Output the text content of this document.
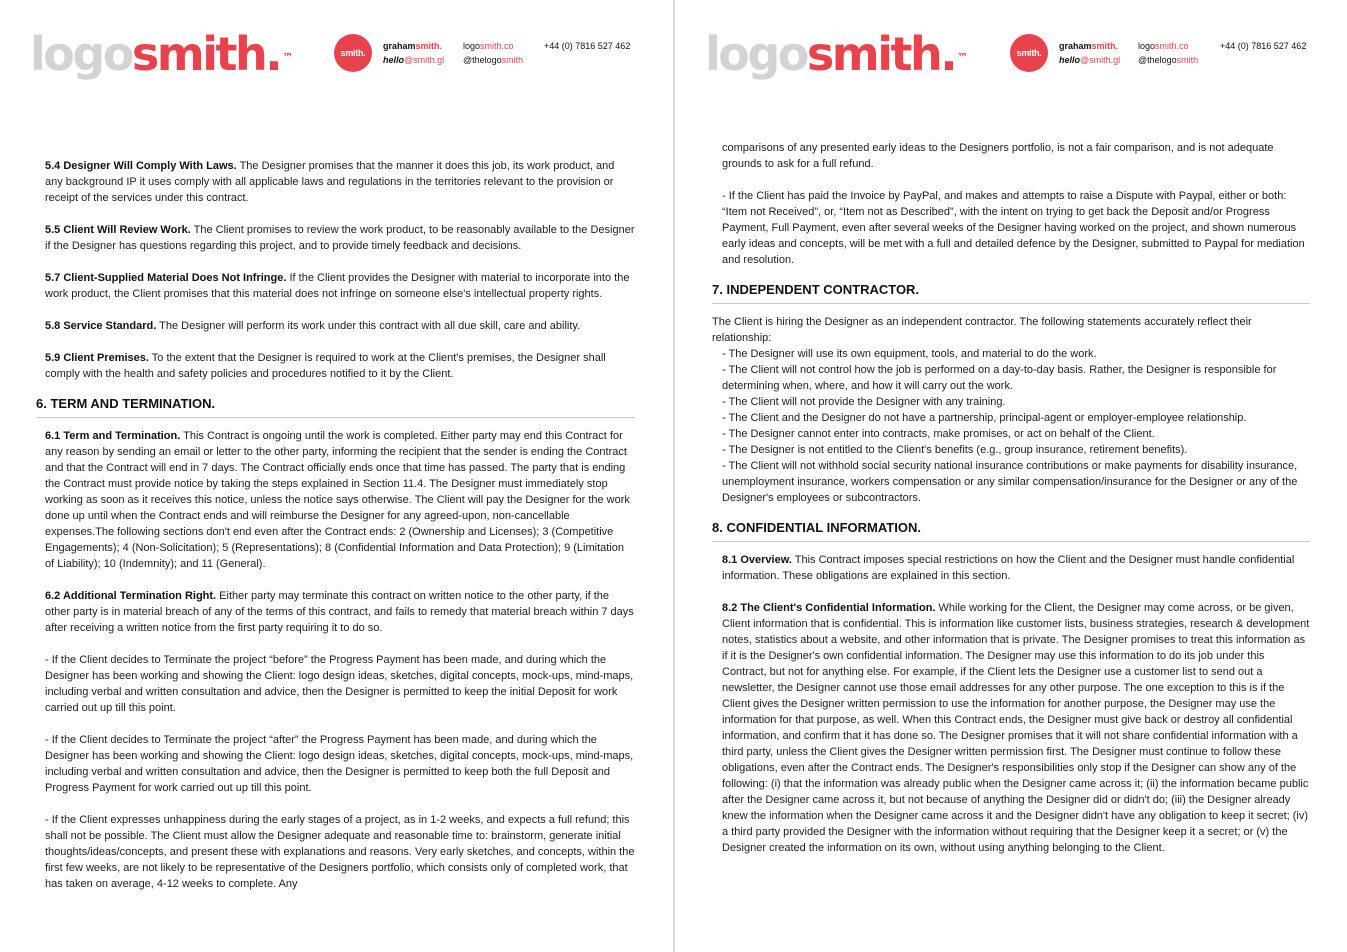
logosmith. ™	smith.
grahamsmith.
hello@smith.gl
logosmith.co
@thelogosmith
+44 (0) 7816 527 462

5.4 Designer Will Comply With Laws. The Designer promises that the manner it does this job, its work product, and any background IP it uses comply with all applicable laws and regulations in the territories relevant to the provision or receipt of the services under this contract.

5.5 Client Will Review Work. The Client promises to review the work product, to be reasonably available to the Designer if the Designer has questions regarding this project, and to provide timely feedback and decisions.

5.7 Client-Supplied Material Does Not Infringe. If the Client provides the Designer with material to incorporate into the work product, the Client promises that this material does not infringe on someone else's intellectual property rights.

5.8 Service Standard. The Designer will perform its work under this contract with all due skill, care and ability.

5.9 Client Premises. To the extent that the Designer is required to work at the Client's premises, the Designer shall comply with the health and safety policies and procedures notified to it by the Client.

6. TERM AND TERMINATION.

6.1 Term and Termination. This Contract is ongoing until the work is completed. Either party may end this Contract for any reason by sending an email or letter to the other party, informing the recipient that the sender is ending the Contract and that the Contract will end in 7 days. The Contract officially ends once that time has passed. The party that is ending the Contract must provide notice by taking the steps explained in Section 11.4. The Designer must immediately stop working as soon as it receives this notice, unless the notice says otherwise. The Client will pay the Designer for the work done up until when the Contract ends and will reimburse the Designer for any agreed-upon, non-cancellable expenses.The following sections don't end even after the Contract ends: 2 (Ownership and Licenses); 3 (Competitive Engagements); 4 (Non-Solicitation); 5 (Representations); 8 (Confidential Information and Data Protection); 9 (Limitation of Liability); 10 (Indemnity); and 11 (General).

6.2 Additional Termination Right. Either party may terminate this contract on written notice to the other party, if the other party is in material breach of any of the terms of this contract, and fails to remedy that material breach within 7 days after receiving a written notice from the first party requiring it to do so.

- If the Client decides to Terminate the project “before” the Progress Payment has been made, and during which the Designer has been working and showing the Client: logo design ideas, sketches, digital concepts, mock-ups, mind-maps, including verbal and written consultation and advice, then the Designer is permitted to keep the initial Deposit for work carried out up till this point.

- If the Client decides to Terminate the project “after” the Progress Payment has been made, and during which the Designer has been working and showing the Client: logo design ideas, sketches, digital concepts, mock-ups, mind-maps, including verbal and written consultation and advice, then the Designer is permitted to keep both the full Deposit and Progress Payment for work carried out up till this point.

- If the Client expresses unhappiness during the early stages of a project, as in 1-2 weeks, and expects a full refund; this shall not be possible. The Client must allow the Designer adequate and reasonable time to: brainstorm, generate initial thoughts/ideas/concepts, and present these with explanations and reasons. Very early sketches, and concepts, within the first few weeks, are not likely to be representative of the Designers portfolio, which consists only of completed work, that has taken on average, 4-12 weeks to complete. Any

logosmith. ™	smith.
grahamsmith.
hello@smith.gl
logosmith.co
@thelogosmith
+44 (0) 7816 527 462

comparisons of any presented early ideas to the Designers portfolio, is not a fair comparison, and is not adequate grounds to ask for a full refund.

- If the Client has paid the Invoice by PayPal, and makes and attempts to raise a Dispute with Paypal, either or both: “Item not Received”, or, “Item not as Described”, with the intent on trying to get back the Deposit and/or Progress Payment, Full Payment, even after several weeks of the Designer having worked on the project, and shown numerous early ideas and concepts, will be met with a full and detailed defence by the Designer, submitted to Paypal for mediation and resolution.

7. INDEPENDENT CONTRACTOR.
The Client is hiring the Designer as an independent contractor. The following statements accurately reflect their relationship:
- The Designer will use its own equipment, tools, and material to do the work.
- The Client will not control how the job is performed on a day-to-day basis. Rather, the Designer is responsible for determining when, where, and how it will carry out the work.
- The Client will not provide the Designer with any training.
- The Client and the Designer do not have a partnership, principal-agent or employer-employee relationship.
- The Designer cannot enter into contracts, make promises, or act on behalf of the Client.
- The Designer is not entitled to the Client's benefits (e.g., group insurance, retirement benefits).
- The Client will not withhold social security national insurance contributions or make payments for disability insurance, unemployment insurance, workers compensation or any similar compensation/insurance for the Designer or any of the Designer's employees or subcontractors.
8. CONFIDENTIAL INFORMATION.

8.1 Overview. This Contract imposes special restrictions on how the Client and the Designer must handle confidential information. These obligations are explained in this section.

8.2 The Client's Confidential Information. While working for the Client, the Designer may come across, or be given, Client information that is confidential. This is information like customer lists, business strategies, research & development notes, statistics about a website, and other information that is private. The Designer promises to treat this information as if it is the Designer's own confidential information. The Designer may use this information to do its job under this Contract, but not for anything else. For example, if the Client lets the Designer use a customer list to send out a newsletter, the Designer cannot use those email addresses for any other purpose. The one exception to this is if the Client gives the Designer written permission to use the information for another purpose, the Designer may use the information for that purpose, as well. When this Contract ends, the Designer must give back or destroy all confidential information, and confirm that it has done so. The Designer promises that it will not share confidential information with a third party, unless the Client gives the Designer written permission first. The Designer must continue to follow these obligations, even after the Contract ends. The Designer's responsibilities only stop if the Designer can show any of the following: (i) that the information was already public when the Designer came across it; (ii) the information became public after the Designer came across it, but not because of anything the Designer did or didn't do; (iii) the Designer already knew the information when the Designer came across it and the Designer didn't have any obligation to keep it secret; (iv) a third party provided the Designer with the information without requiring that the Designer keep it a secret; or (v) the Designer created the information on its own, without using anything belonging to the Client.
